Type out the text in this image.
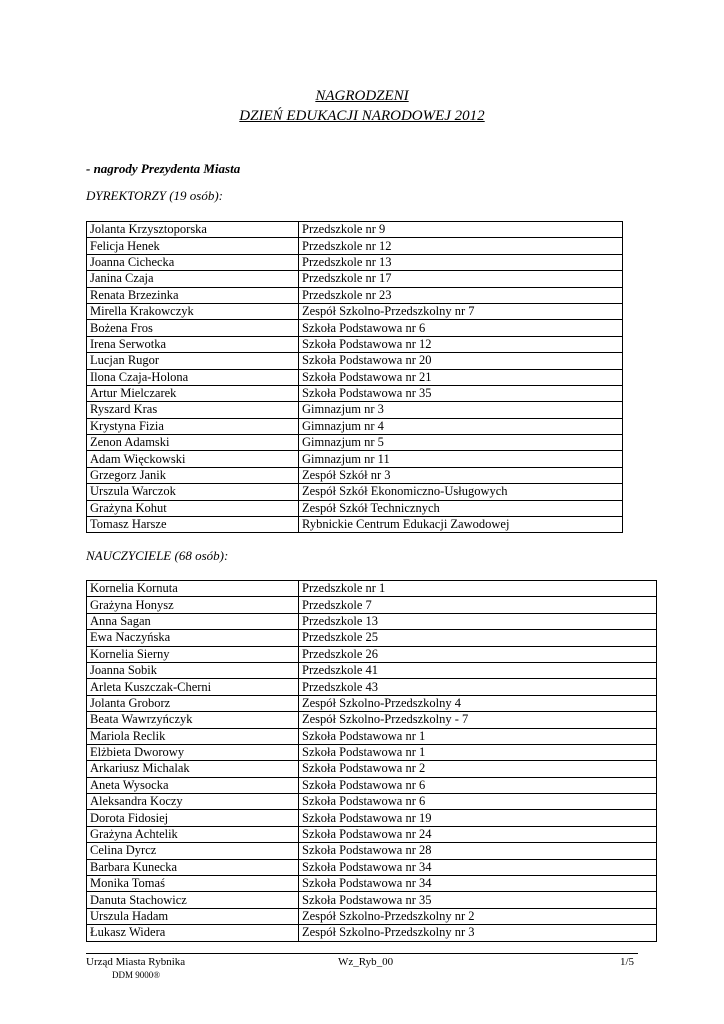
NAGRODZENI
DZIEŃ EDUKACJI NARODOWEJ 2012
- nagrody Prezydenta Miasta
DYREKTORZY (19 osób):
Jolanta Krzysztoporska	Przedszkole nr 9
Felicja Henek	Przedszkole nr 12
Joanna Cichecka	Przedszkole nr 13
Janina Czaja	Przedszkole nr 17
Renata Brzezinka	Przedszkole nr 23
Mirella Krakowczyk	Zespół Szkolno-Przedszkolny nr 7
Bożena Fros	Szkoła Podstawowa nr 6
Irena Serwotka	Szkoła Podstawowa nr 12
Lucjan Rugor	Szkoła Podstawowa nr 20
Ilona Czaja-Holona	Szkoła Podstawowa nr 21
Artur Mielczarek	Szkoła Podstawowa nr 35
Ryszard Kras	Gimnazjum nr 3
Krystyna Fizia	Gimnazjum nr 4
Zenon Adamski	Gimnazjum nr 5
Adam Więckowski	Gimnazjum nr 11
Grzegorz Janik	Zespół Szkół nr 3
Urszula Warczok	Zespół Szkół Ekonomiczno-Usługowych
Grażyna Kohut	Zespół Szkół Technicznych
Tomasz Harsze	Rybnickie Centrum Edukacji Zawodowej
NAUCZYCIELE (68 osób):
Kornelia Kornuta	Przedszkole nr 1
Grażyna Honysz	Przedszkole 7
Anna Sagan	Przedszkole 13
Ewa Naczyńska	Przedszkole 25
Kornelia Sierny	Przedszkole 26
Joanna Sobik	Przedszkole 41
Arleta Kuszczak-Cherni	Przedszkole 43
Jolanta Groborz	Zespół Szkolno-Przedszkolny 4
Beata Wawrzyńczyk	Zespół Szkolno-Przedszkolny - 7
Mariola Reclik	Szkoła Podstawowa nr 1
Elżbieta Dworowy	Szkoła Podstawowa nr 1
Arkariusz Michalak	Szkoła Podstawowa nr 2
Aneta Wysocka	Szkoła Podstawowa nr 6
Aleksandra Koczy	Szkoła Podstawowa nr 6
Dorota Fidosiej	Szkoła Podstawowa nr 19
Grażyna Achtelik	Szkoła Podstawowa nr 24
Celina Dyrcz	Szkoła Podstawowa nr 28
Barbara Kunecka	Szkoła Podstawowa nr 34
Monika Tomaś	Szkoła Podstawowa nr 34
Danuta Stachowicz	Szkoła Podstawowa nr 35
Urszula Hadam	Zespół Szkolno-Przedszkolny nr 2
Łukasz Widera	Zespół Szkolno-Przedszkolny nr 3
Urząd Miasta Rybnika	Wz_Ryb_00	1/5
DDM 9000®
